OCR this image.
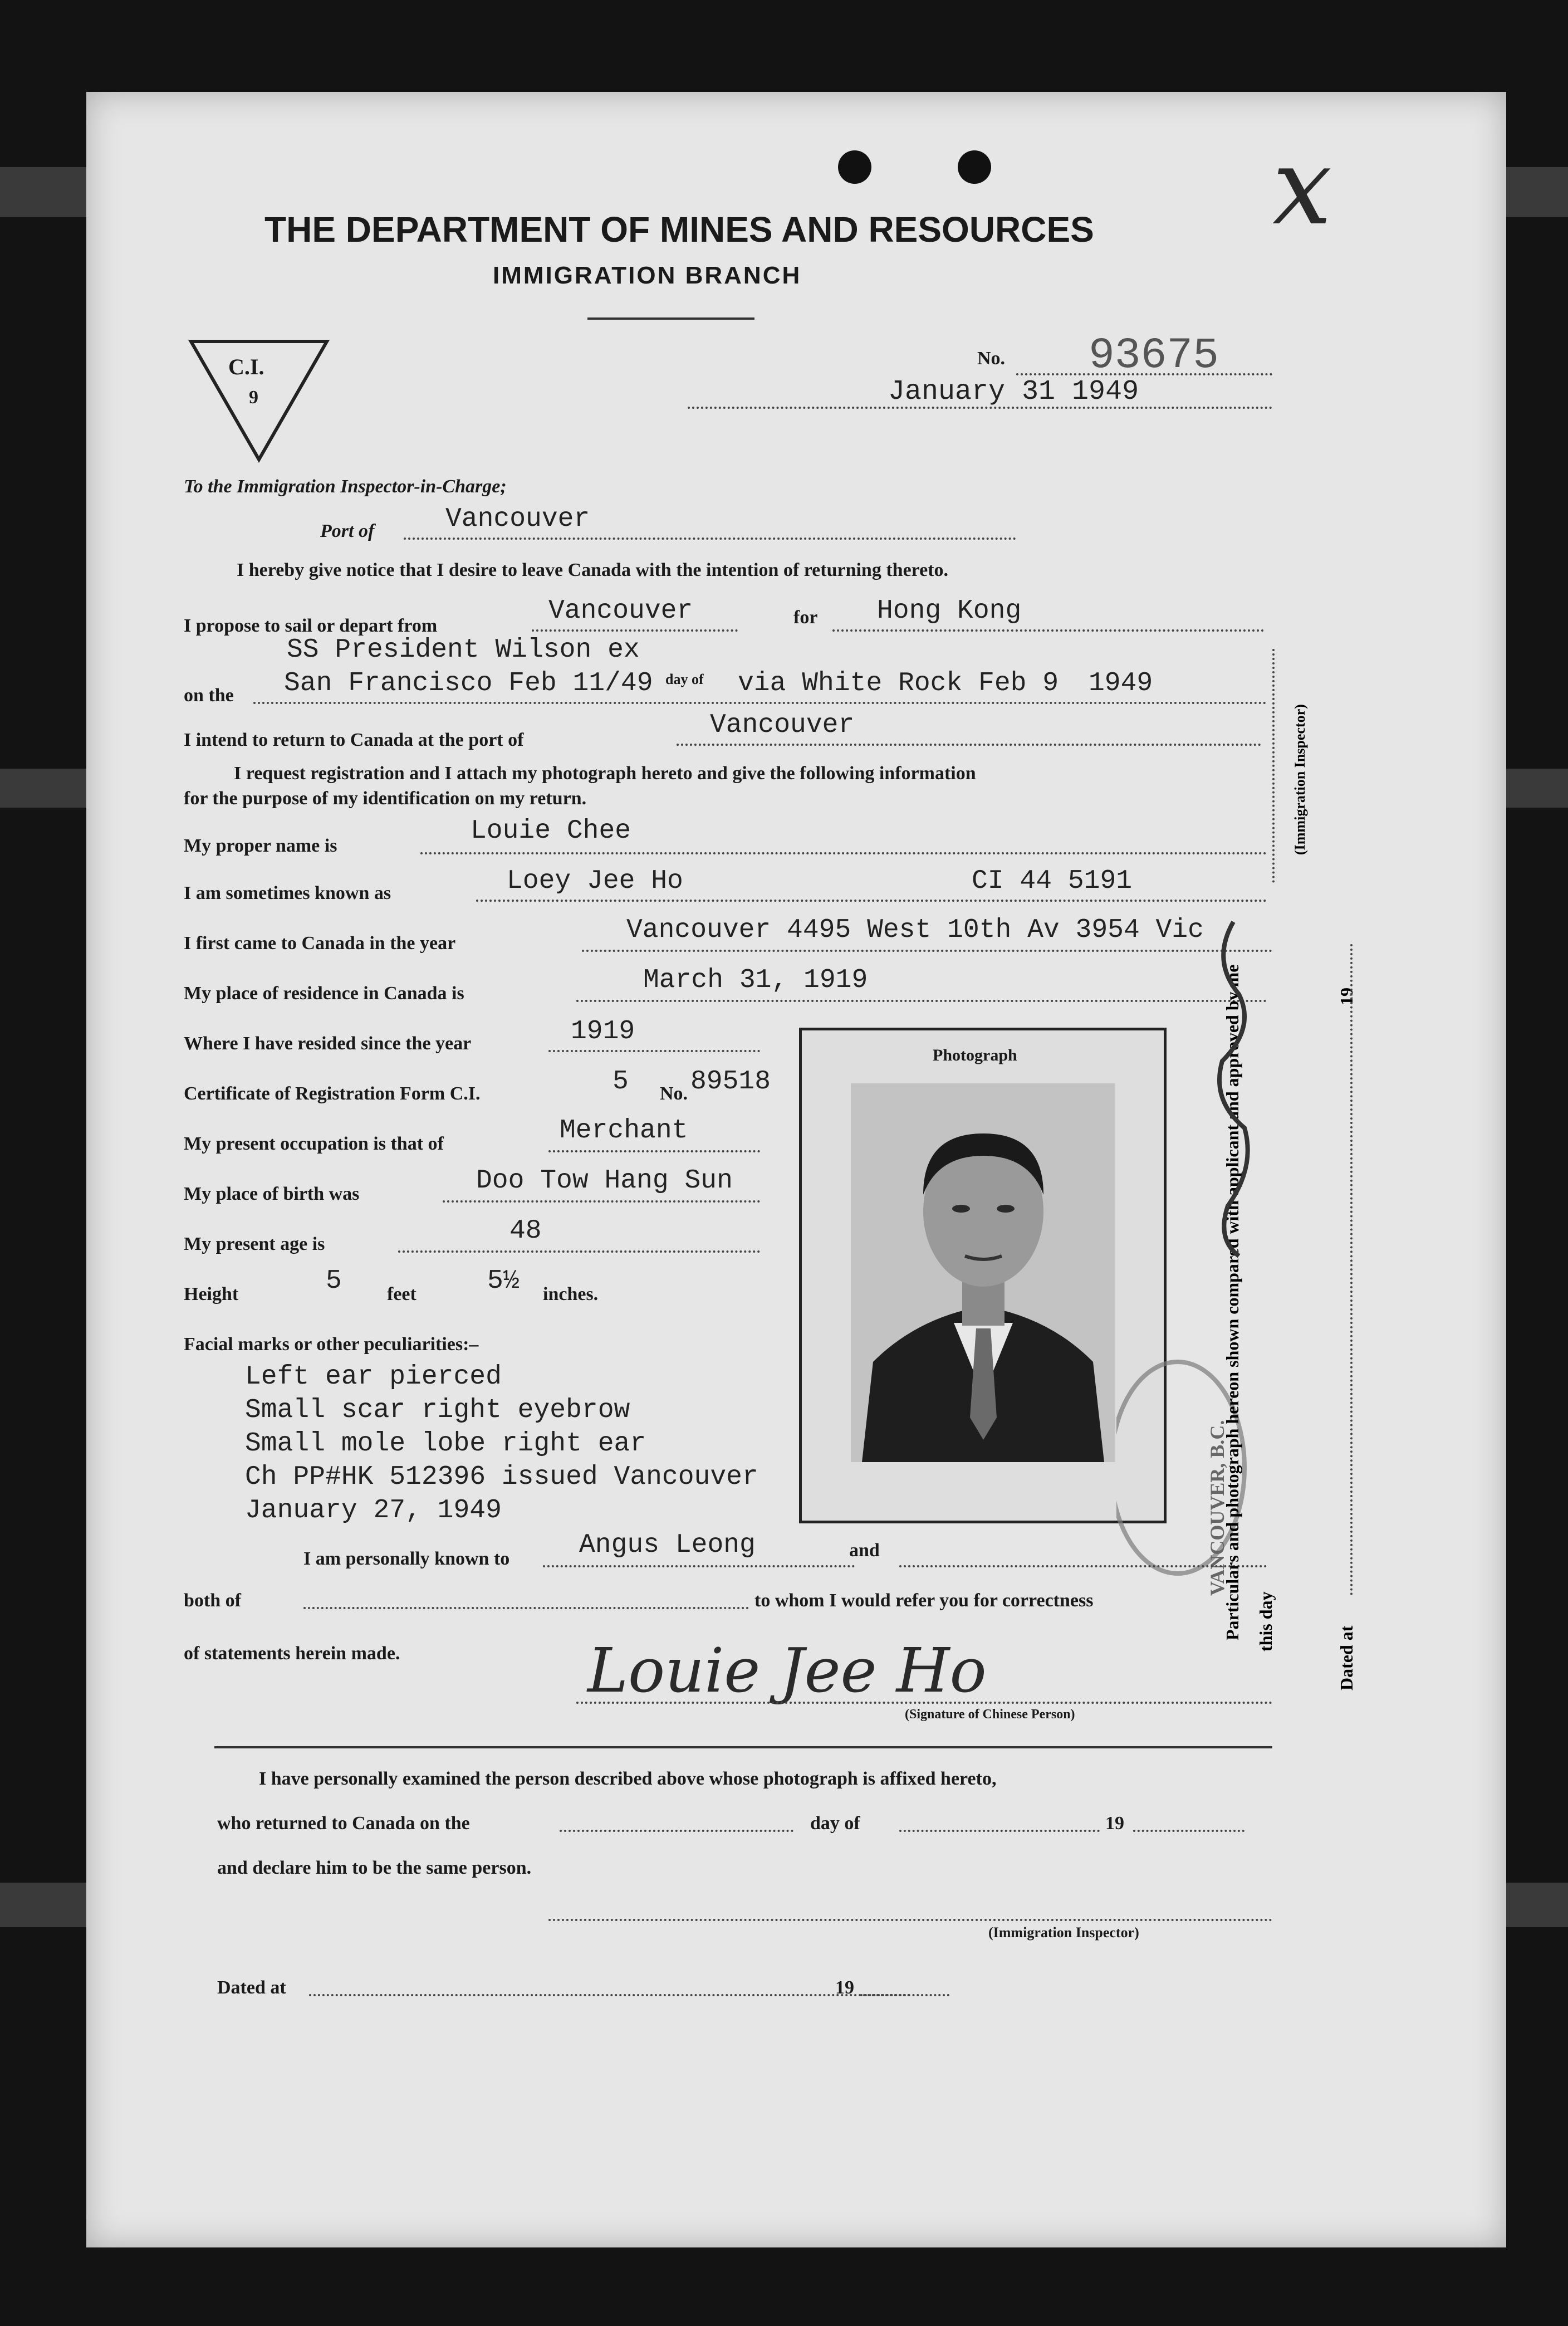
x
THE DEPARTMENT OF MINES AND RESOURCES
IMMIGRATION BRANCH
C.I.
9
No. 93675
January 31 1949
To the Immigration Inspector-in-Charge;
Port of	Vancouver
I hereby give notice that I desire to leave Canada with the intention of returning thereto.
I propose to sail or depart from	Vancouver	for Hong Kong
SS President Wilson ex
on the San Francisco Feb 11/49 day of via White Rock Feb 9 1949
I intend to return to Canada at the port of	Vancouver
I request registration and I attach my photograph hereto and give the following information
for the purpose of my identification on my return.
My proper name is	Louie Chee
I am sometimes known as	Loey Jee Ho	CI 44 5191
I first came to Canada in the year	Vancouver 4495 West 10th Av 3954 Vic
My place of residence in Canada is	March 31, 1919
Where I have resided since the year	1919
Certificate of Registration Form C.I.	5 No. 89518
My present occupation is that of	Merchant
My place of birth was	Doo Tow Hang Sun
My present age is	48
Height	5 feet	5½ inches.
Facial marks or other peculiarities:–
Left ear pierced
Small scar right eyebrow
Small mole lobe right ear
Ch PP#HK 512396 issued Vancouver
January 27, 1949
Photograph
VANCOUVER, B.C.
I am personally known to	Angus Leong	and
both of	to whom I would refer you for correctness
of statements herein made.	Louie Jee Ho
(Signature of Chinese Person)
I have personally examined the person described above whose photograph is affixed hereto,
who returned to Canada on the	day of	19
and declare him to be the same person.
(Immigration Inspector)
Dated at	19
Particulars and photograph hereon shown compared with applicant and approved by me this day
(Immigration Inspector)
Dated at
19
